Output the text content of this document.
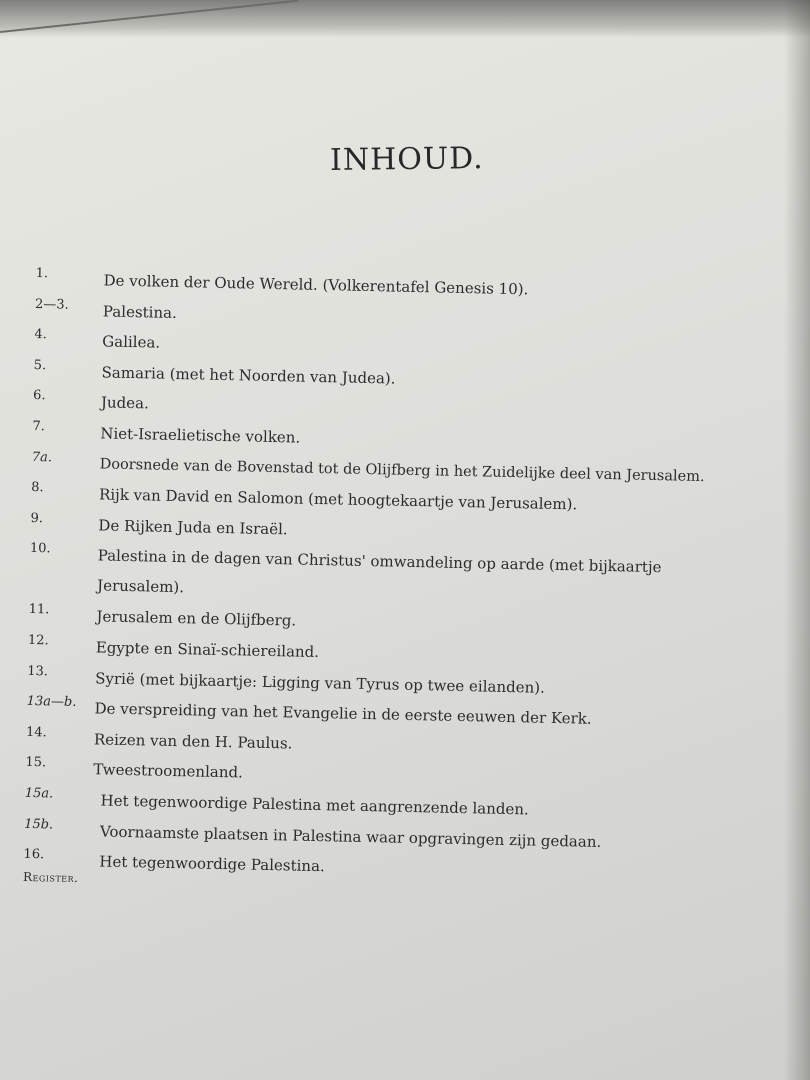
INHOUD.
1.	De volken der Oude Wereld. (Volkerentafel Genesis 10).
2—3. Palestina.
4.	Galilea.
5.	Samaria (met het Noorden van Judea).
6.	Judea.
7.	Niet-Israelietische volken.
7a.	Doorsnede van de Bovenstad tot de Olijfberg in het Zuidelijke deel van Jerusalem.
8.	Rijk van David en Salomon (met hoogtekaartje van Jerusalem).
9.	De Rijken Juda en Israël.
10.	Palestina in de dagen van Christus' omwandeling op aarde (met bijkaartje
Jerusalem).
11.	Jerusalem en de Olijfberg.
12.	Egypte en Sinaï-schiereiland.
13.	Syrië (met bijkaartje: Ligging van Tyrus op twee eilanden).
13a—b. De verspreiding van het Evangelie in de eerste eeuwen der Kerk.
14.	Reizen van den H. Paulus.
15.	Tweestroomenland.
15a.	Het tegenwoordige Palestina met aangrenzende landen.
15b.	Voornaamste plaatsen in Palestina waar opgravingen zijn gedaan.
16.	Het tegenwoordige Palestina.
Register.
